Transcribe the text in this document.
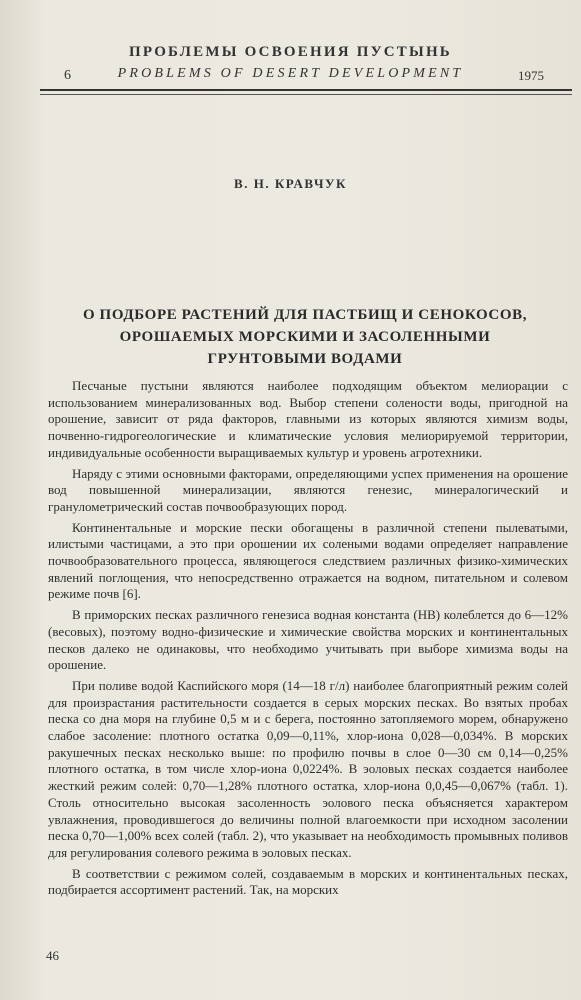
ПРОБЛЕМЫ ОСВОЕНИЯ ПУСТЫНЬ
6	PROBLEMS OF DESERT DEVELOPMENT	1975
В. Н. КРАВЧУК
О ПОДБОРЕ РАСТЕНИЙ ДЛЯ ПАСТБИЩ И СЕНОКОСОВ, ОРОШАЕМЫХ МОРСКИМИ И ЗАСОЛЕННЫМИ ГРУНТОВЫМИ ВОДАМИ

Песчаные пустыни являются наиболее подходящим объектом мелиорации с использованием минерализованных вод. Выбор степени солености воды, пригодной на орошение, зависит от ряда факторов, главными из которых являются химизм воды, почвенно-гидрогеологические и климатические условия мелиорируемой территории, индивидуальные особенности выращиваемых культур и уровень агротехники.

Наряду с этими основными факторами, определяющими успех применения на орошение вод повышенной минерализации, являются генезис, минералогический и гранулометрический состав почвообразующих пород.

Континентальные и морские пески обогащены в различной степени пылеватыми, илистыми частицами, а это при орошении их солеными водами определяет направление почвообразовательного процесса, являющегося следствием различных физико-химических явлений поглощения, что непосредственно отражается на водном, питательном и солевом режиме почв [6].

В приморских песках различного генезиса водная константа (НВ) колеблется до 6—12% (весовых), поэтому водно-физические и химические свойства морских и континентальных песков далеко не одинаковы, что необходимо учитывать при выборе химизма воды на орошение.

При поливе водой Каспийского моря (14—18 г/л) наиболее благоприятный режим солей для произрастания растительности создается в серых морских песках. Во взятых пробах песка со дна моря на глубине 0,5 м и с берега, постоянно затопляемого морем, обнаружено слабое засоление: плотного остатка 0,09—0,11%, хлор-иона 0,028—0,034%. В морских ракушечных песках несколько выше: по профилю почвы в слое 0—30 см 0,14—0,25% плотного остатка, в том числе хлор-иона 0,0224%. В эоловых песках создается наиболее жесткий режим солей: 0,70—1,28% плотного остатка, хлор-иона 0,0,45—0,067% (табл. 1). Столь относительно высокая засоленность эолового песка объясняется характером увлажнения, проводившегося до величины полной влагоемкости при исходном засолении песка 0,70—1,00% всех солей (табл. 2), что указывает на необходимость промывных поливов для регулирования солевого режима в эоловых песках.

В соответствии с режимом солей, создаваемым в морских и континентальных песках, подбирается ассортимент растений. Так, на морских

46
